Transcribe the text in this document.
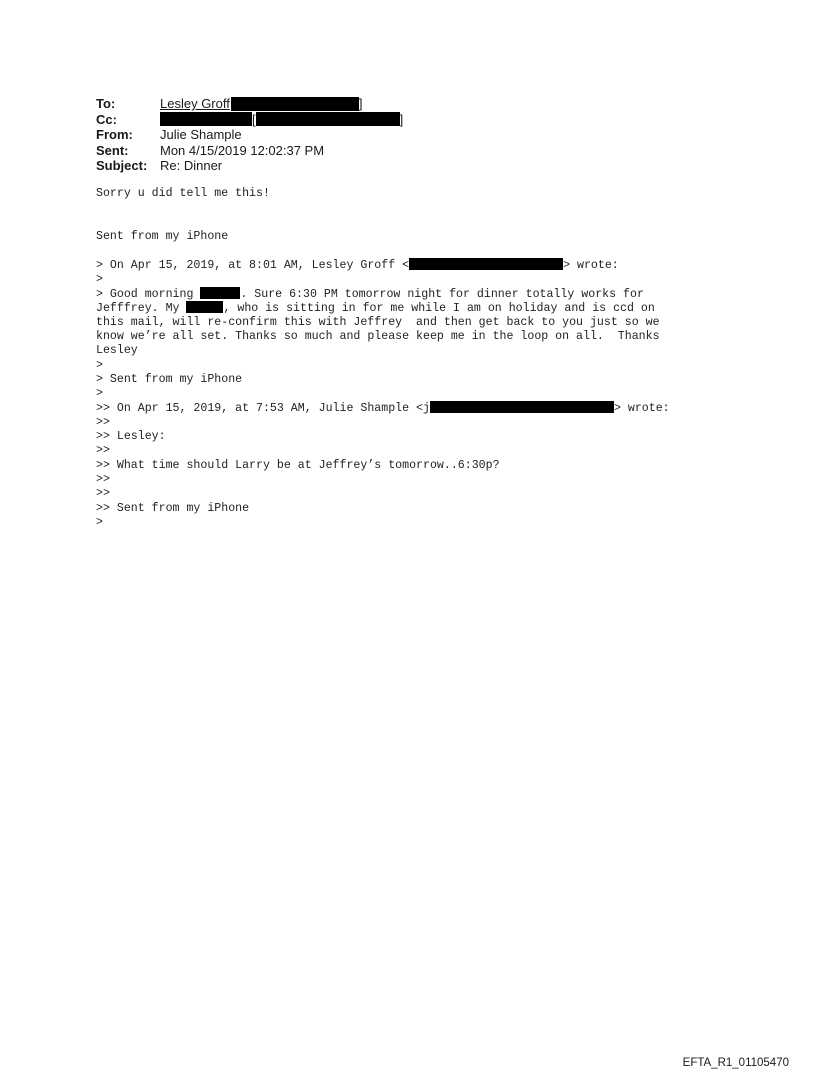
To:	Lesley Groff	]
Cc:	[	]
From:	Julie Shample
Sent:	Mon 4/15/2019 12:02:37 PM
Subject: Re: Dinner
Sorry u did tell me this!
Sent from my iPhone
> On Apr 15, 2019, at 8:01 AM, Lesley Groff <	> wrote:
>
> Good morning	. Sure 6:30 PM tomorrow night for dinner totally works for
Jefffrey. My	, who is sitting in for me while I am on holiday and is ccd on
this mail, will re-confirm this with Jeffrey  and then get back to you just so we
know we’re all set. Thanks so much and please keep me in the loop on all.  Thanks
Lesley
>
> Sent from my iPhone
>
>> On Apr 15, 2019, at 7:53 AM, Julie Shample <j	> wrote:
>>
>> Lesley:
>>
>> What time should Larry be at Jeffrey’s tomorrow..6:30p?
>>
>>
>> Sent from my iPhone
>
EFTA_R1_01105470
